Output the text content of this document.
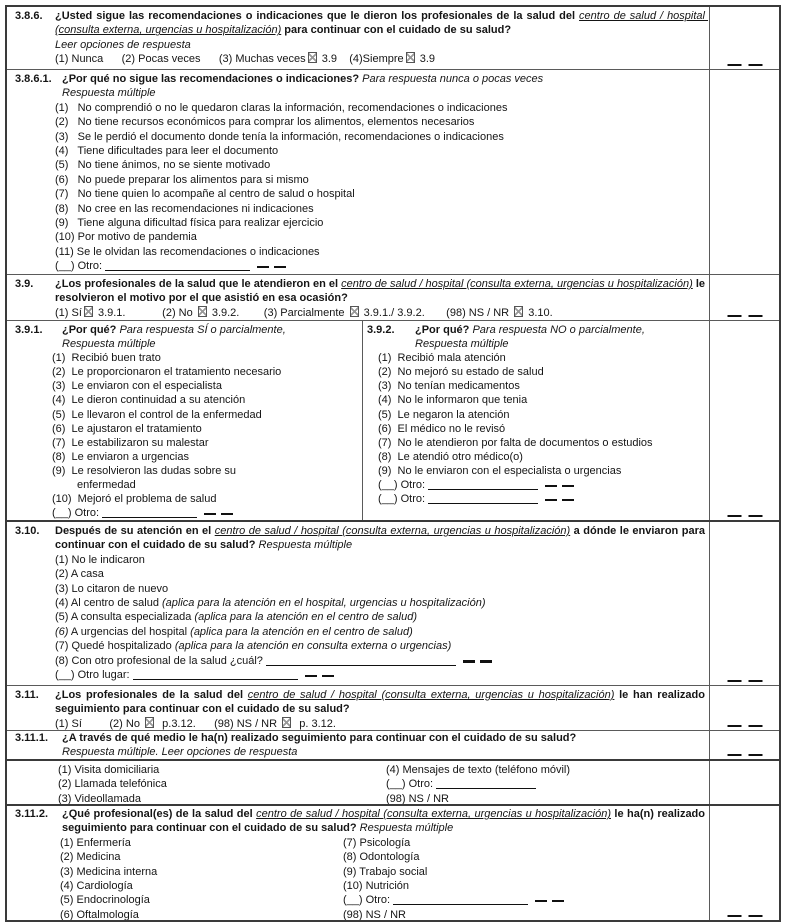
3.8.6. ¿Usted sigue las recomendaciones o indicaciones que le dieron los profesionales de la salud del centro de salud / hospital (consulta externa, urgencias u hospitalización) para continuar con el cuidado de su salud?
Leer opciones de respuesta
(1) Nunca      (2) Pocas veces      (3) Muchas veces 3.9    (4)Siempre 3.9
3.8.6.1. ¿Por qué no sigue las recomendaciones o indicaciones? Para respuesta nunca o pocas veces
Respuesta múltiple
(1)   No comprendió o no le quedaron claras la información, recomendaciones o indicaciones
(2)   No tiene recursos económicos para comprar los alimentos, elementos necesarios
(3)   Se le perdió el documento donde tenía la información, recomendaciones o indicaciones
(4)   Tiene dificultades para leer el documento
(5)   No tiene ánimos, no se siente motivado
(6)   No puede preparar los alimentos para si mismo
(7)   No tiene quien lo acompañe al centro de salud o hospital
(8)   No cree en las recomendaciones ni indicaciones
(9)   Tiene alguna dificultad física para realizar ejercicio
(10) Por motivo de pandemia
(11) Se le olvidan las recomendaciones o indicaciones
(__) Otro:
3.9. ¿Los profesionales de la salud que le atendieron en el centro de salud / hospital (consulta externa, urgencias u hospitalización) le resolvieron el motivo por el que asistió en esa ocasión?
(1) Sí 3.9.1.            (2) No  3.9.2.        (3) Parcialmente  3.9.1./ 3.9.2.       (98) NS / NR  3.10.
3.9.1. ¿Por qué? Para respuesta SÍ o parcialmente,
Respuesta múltiple
(1)  Recibió buen trato
(2)  Le proporcionaron el tratamiento necesario
(3)  Le enviaron con el especialista
(4)  Le dieron continuidad a su atención
(5)  Le llevaron el control de la enfermedad
(6)  Le ajustaron el tratamiento
(7)  Le estabilizaron su malestar
(8)  Le enviaron a urgencias
(9)  Le resolvieron las dudas sobre su
enfermedad
(10)  Mejoró el problema de salud
(__) Otro:
3.9.2. ¿Por qué? Para respuesta NO o parcialmente,
Respuesta múltiple
(1)  Recibió mala atención
(2)  No mejoró su estado de salud
(3)  No tenían medicamentos
(4)  No le informaron que tenia
(5)  Le negaron la atención
(6)  El médico no le revisó
(7)  No le atendieron por falta de documentos o estudios
(8)  Le atendió otro médico(o)
(9)  No le enviaron con el especialista o urgencias
(__) Otro:
(__) Otro:
3.10. Después de su atención en el centro de salud / hospital (consulta externa, urgencias u hospitalización) a dónde le enviaron para continuar con el cuidado de su salud? Respuesta múltiple
(1) No le indicaron
(2) A casa
(3) Lo citaron de nuevo
(4) Al centro de salud (aplica para la atención en el hospital, urgencias u hospitalización)
(5) A consulta especializada (aplica para la atención en el centro de salud)
(6) A urgencias del hospital (aplica para la atención en el centro de salud)
(7) Quedé hospitalizado (aplica para la atención en consulta externa o urgencias)
(8) Con otro profesional de la salud ¿cuál?
(__) Otro lugar:
3.11. ¿Los profesionales de la salud del centro de salud / hospital (consulta externa, urgencias u hospitalización) le han realizado seguimiento para continuar con el cuidado de su salud?
(1) Sí         (2) No   p.3.12.      (98) NS / NR   p. 3.12.
3.11.1. ¿A través de qué medio le ha(n) realizado seguimiento para continuar con el cuidado de su salud?
Respuesta múltiple. Leer opciones de respuesta
(1) Visita domiciliaria
(2) Llamada telefónica
(3) Videollamada
(4) Mensajes de texto (teléfono móvil)
(__) Otro:
(98) NS / NR
3.11.2. ¿Qué profesional(es) de la salud del centro de salud / hospital (consulta externa, urgencias u hospitalización) le ha(n) realizado seguimiento para continuar con el cuidado de su salud? Respuesta múltiple
(1) Enfermería
(2) Medicina
(3) Medicina interna
(4) Cardiología
(5) Endocrinología
(6) Oftalmología
(7) Psicología
(8) Odontología
(9) Trabajo social
(10) Nutrición
(__) Otro:
(98) NS / NR
